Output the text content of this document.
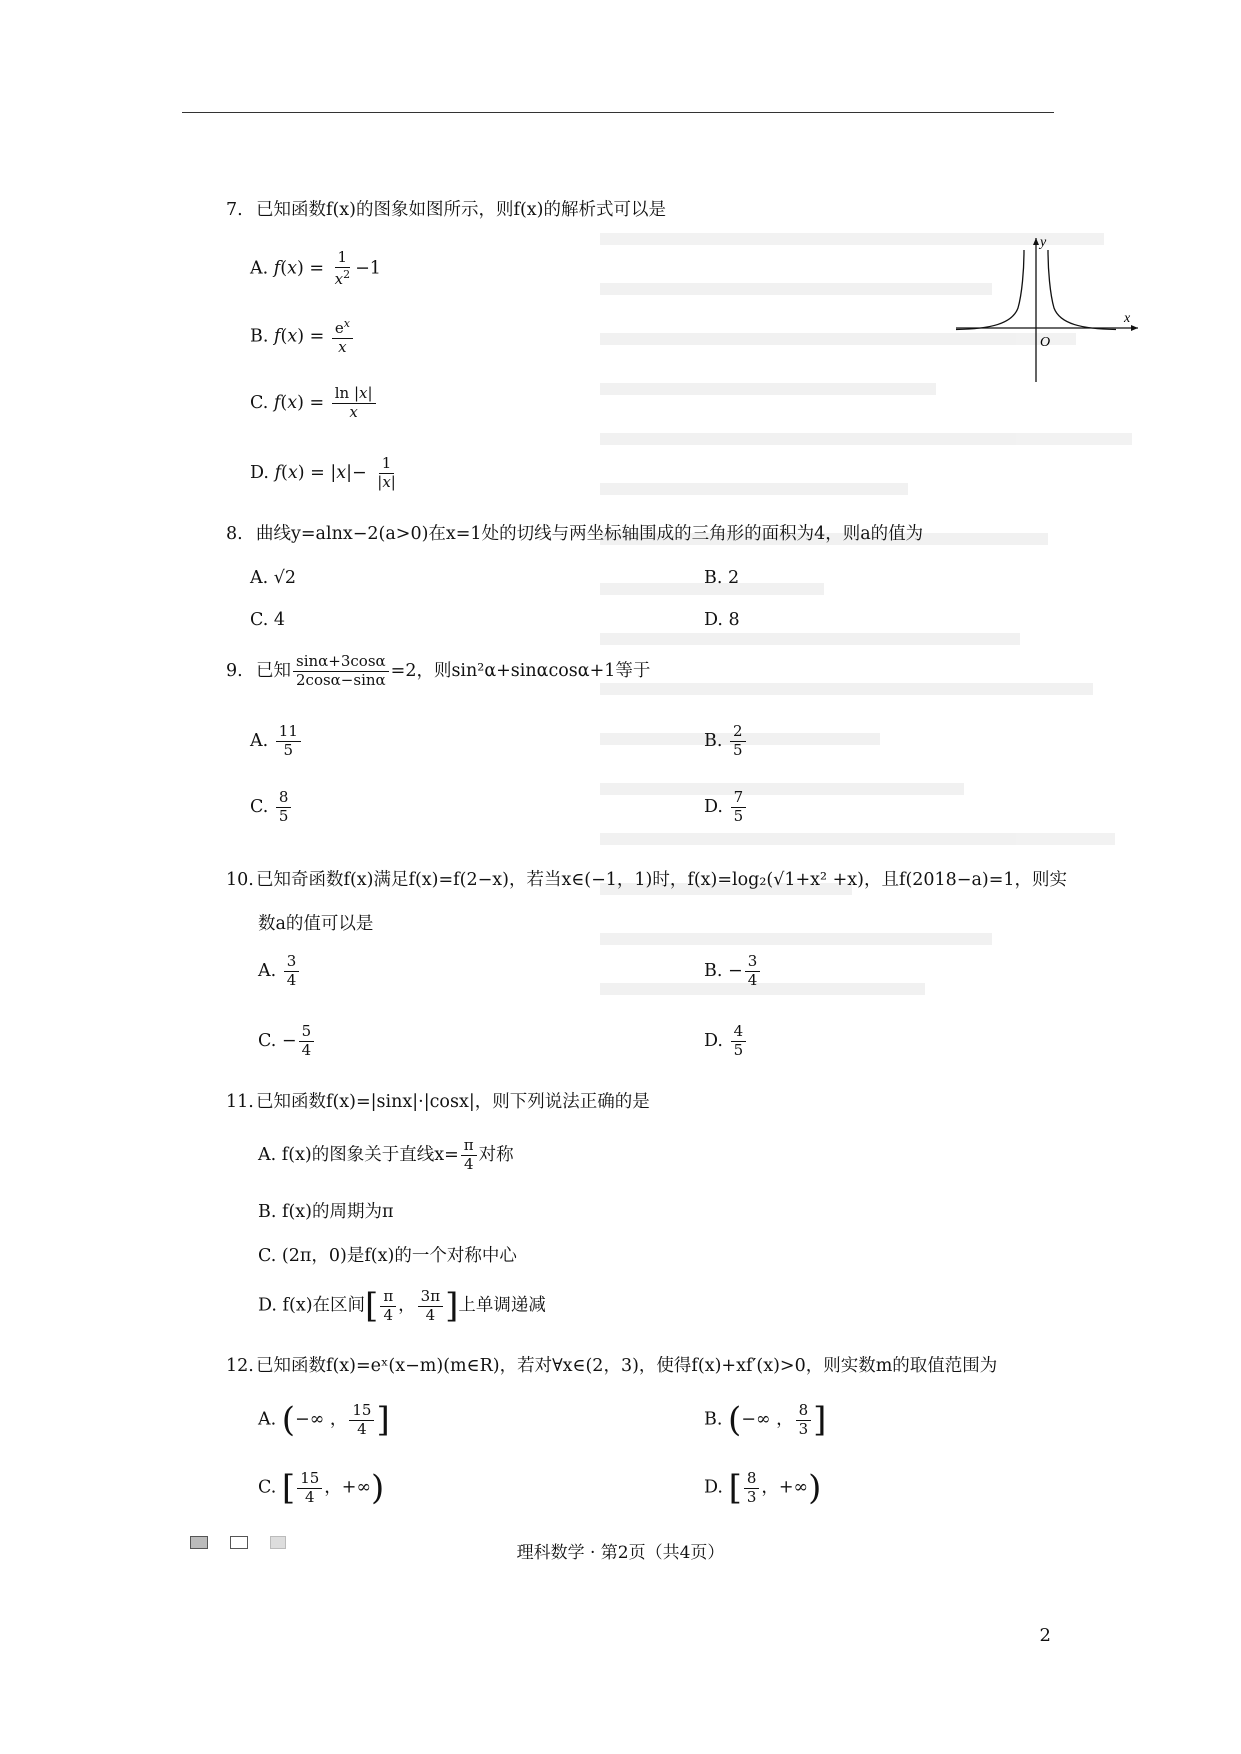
7. 已知函数f(x)的图象如图所示，则f(x)的解析式可以是
A. $f(x) = \frac{1}{x^2} -1$
B. $f(x) = \frac{e^x}{x}$
C. $f(x) = \frac{\ln |x|}{x}$
D. $f(x) = |x|- \frac{1}{|x|}$
x
y
O
8. 曲线y=alnx−2(a>0)在x=1处的切线与两坐标轴围成的三角形的面积为4，则a的值为
A. √2	B. 2
C. 4	D. 8
9. 已知 $\frac{\sin\alpha+3\cos\alpha}{2\cos\alpha-\sin\alpha} =2$，则sin²α+sinαcosα+1等于
A. $\frac{11}{5}$	B. $\frac{2}{5}$
C. $\frac{8}{5}$	D. $\frac{7}{5}$
10. 已知奇函数f(x)满足f(x)=f(2−x)，若当x∈(−1，1)时，f(x)=log₂(√1+x² +x)，且f(2018−a)=1，则实
数a的值可以是
A. $\frac{3}{4}$	B. − $\frac{3}{4}$
C. − $\frac{5}{4}$	D. $\frac{4}{5}$
11. 已知函数f(x)=|sinx|·|cosx|，则下列说法正确的是
A. f(x)的图象关于直线$x= \frac{\pi}{4}$ 对称
B. f(x)的周期为π
C. (2π，0)是f(x)的一个对称中心
D. f(x)在区间[ $\frac{\pi}{4}$ ， $\frac{3\pi}{4}$ ]上单调递减
12. 已知函数f(x)=eˣ(x−m)(m∈R)，若对∀x∈(2，3)，使得f(x)+xf′(x)>0，则实数m的取值范围为
A. (−∞ ， $\frac{15}{4}$ ]	B. (−∞ ， $\frac{8}{3}$ ]
C. [ $\frac{15}{4}$ ，+∞)	D. [ $\frac{8}{3}$ ，+∞)
理科数学 · 第2页（共4页）
2
